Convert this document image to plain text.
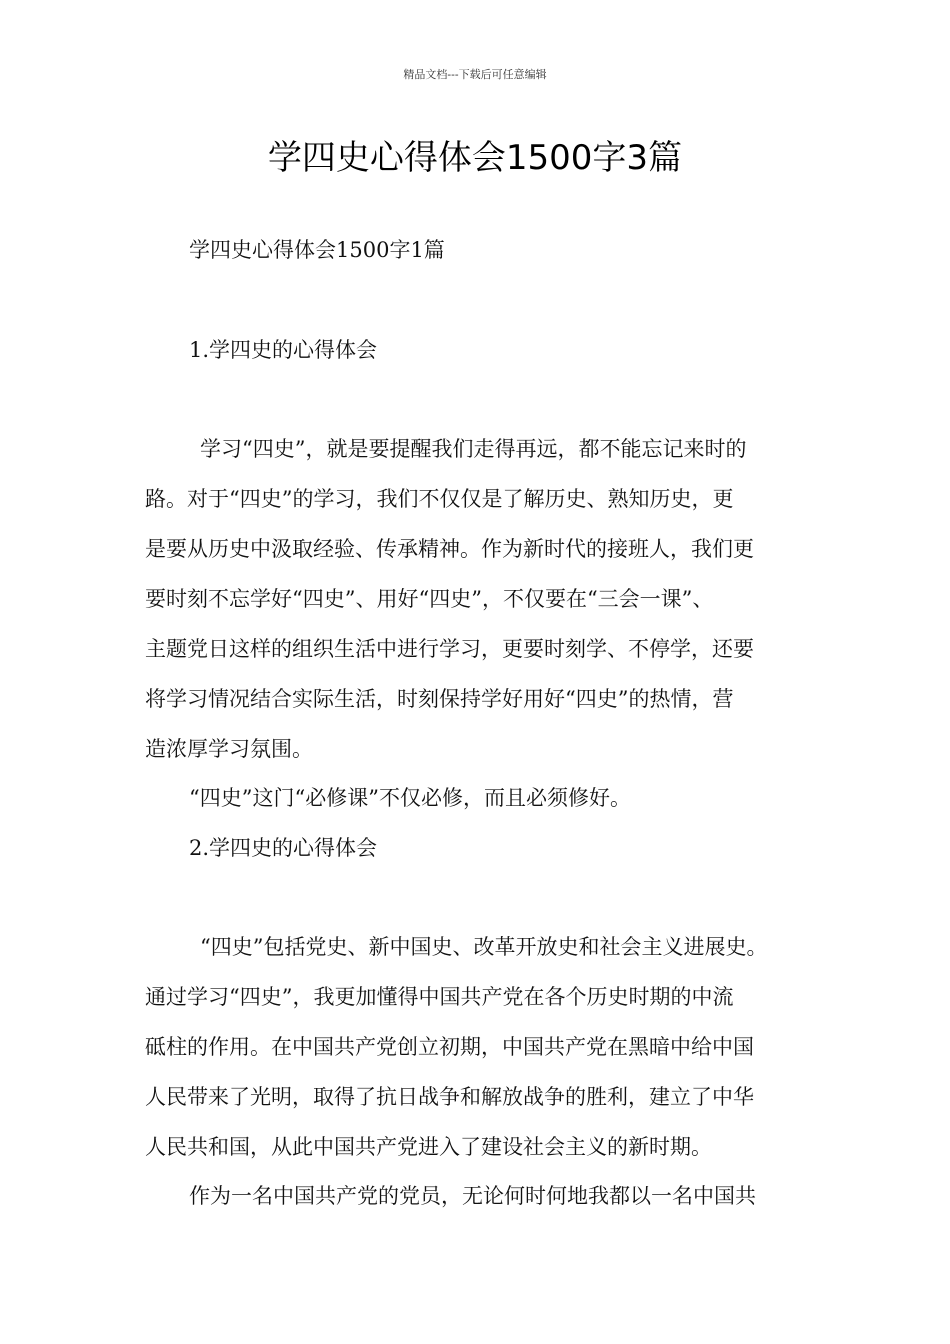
精品文档---下载后可任意编辑
学四史心得体会1500字3篇
学四史心得体会1500字1篇
1.学四史的心得体会
学习“四史”，就是要提醒我们走得再远，都不能忘记来时的
路。对于“四史”的学习，我们不仅仅是了解历史、熟知历史，更
是要从历史中汲取经验、传承精神。作为新时代的接班人，我们更
要时刻不忘学好“四史”、用好“四史”，不仅要在“三会一课”、
主题党日这样的组织生活中进行学习，更要时刻学、不停学，还要
将学习情况结合实际生活，时刻保持学好用好“四史”的热情，营
造浓厚学习氛围。
“四史”这门“必修课”不仅必修，而且必须修好。
2.学四史的心得体会
“四史”包括党史、新中国史、改革开放史和社会主义进展史。
通过学习“四史”，我更加懂得中国共产党在各个历史时期的中流
砥柱的作用。在中国共产党创立初期，中国共产党在黑暗中给中国
人民带来了光明，取得了抗日战争和解放战争的胜利，建立了中华
人民共和国，从此中国共产党进入了建设社会主义的新时期。
作为一名中国共产党的党员，无论何时何地我都以一名中国共
